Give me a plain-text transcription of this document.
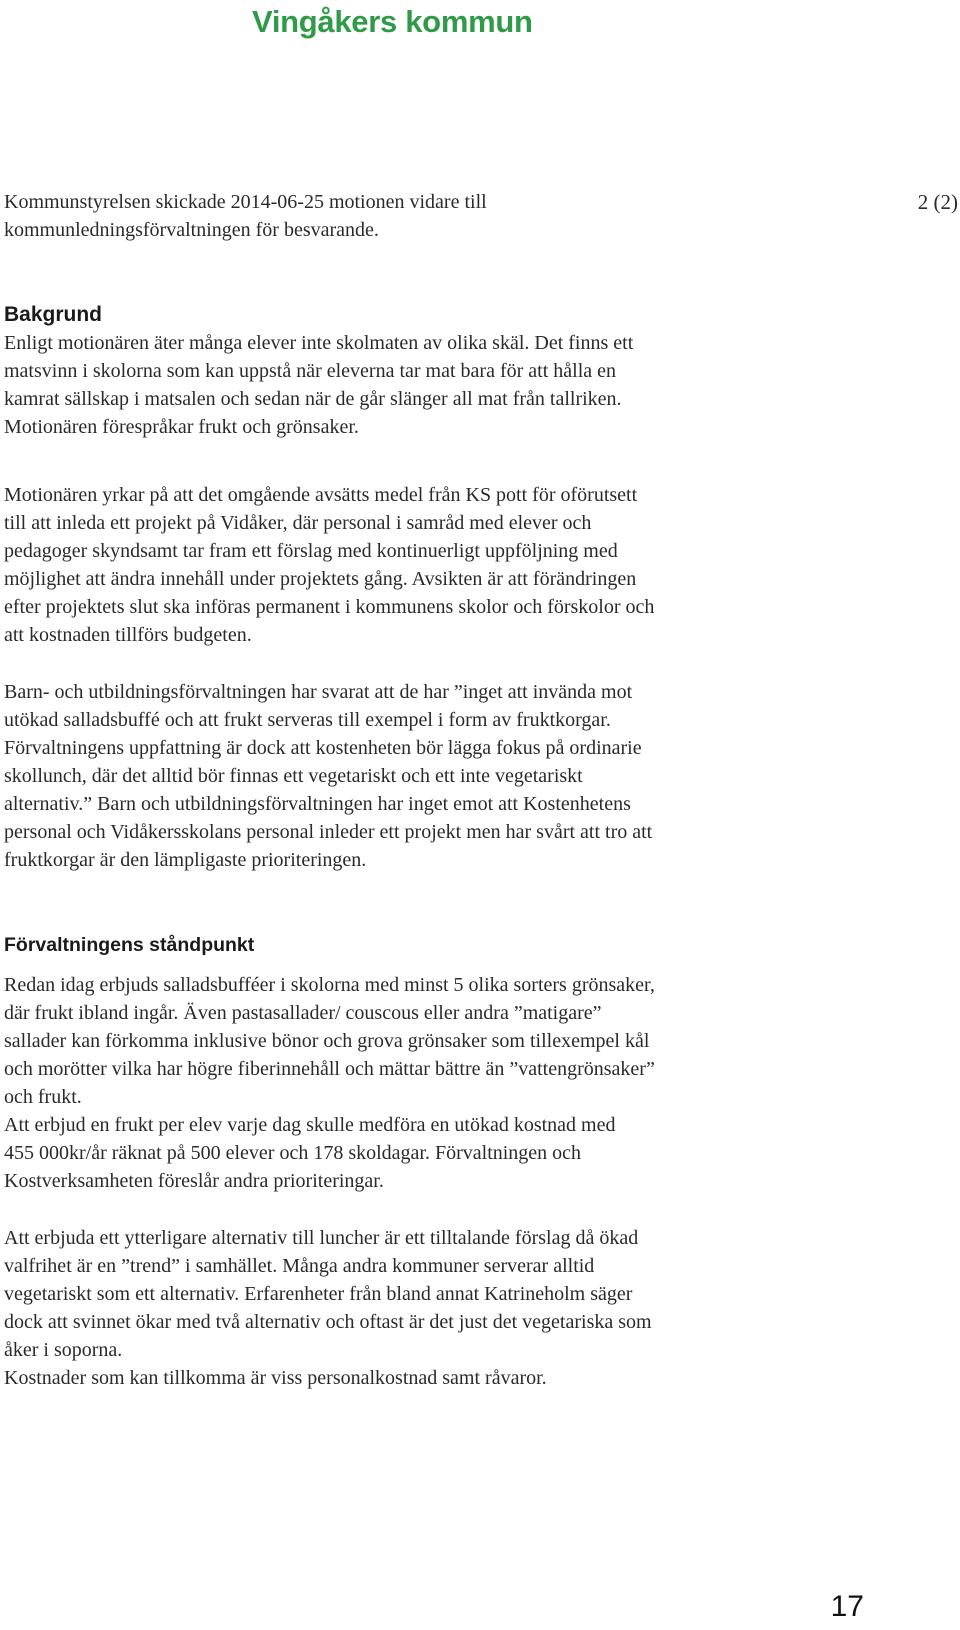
Vingåkers kommun
2 (2)

Kommunstyrelsen skickade 2014-06-25 motionen vidare till
kommunledningsförvaltningen för besvarande.

Bakgrund

Enligt motionären äter många elever inte skolmaten av olika skäl. Det finns ett
matsvinn i skolorna som kan uppstå när eleverna tar mat bara för att hålla en
kamrat sällskap i matsalen och sedan när de går slänger all mat från tallriken.
Motionären förespråkar frukt och grönsaker.

Motionären yrkar på att det omgående avsätts medel från KS pott för oförutsett
till att inleda ett projekt på Vidåker, där personal i samråd med elever och
pedagoger skyndsamt tar fram ett förslag med kontinuerligt uppföljning med
möjlighet att ändra innehåll under projektets gång. Avsikten är att förändringen
efter projektets slut ska införas permanent i kommunens skolor och förskolor och
att kostnaden tillförs budgeten.

Barn- och utbildningsförvaltningen har svarat att de har ”inget att invända mot
utökad salladsbuffé och att frukt serveras till exempel i form av fruktkorgar.
Förvaltningens uppfattning är dock att kostenheten bör lägga fokus på ordinarie
skollunch, där det alltid bör finnas ett vegetariskt och ett inte vegetariskt
alternativ.” Barn och utbildningsförvaltningen har inget emot att Kostenhetens
personal och Vidåkersskolans personal inleder ett projekt men har svårt att tro att
fruktkorgar är den lämpligaste prioriteringen.

Förvaltningens ståndpunkt

Redan idag erbjuds salladsbufféer i skolorna med minst 5 olika sorters grönsaker,
där frukt ibland ingår. Även pastasallader/ couscous eller andra ”matigare”
sallader kan förkomma inklusive bönor och grova grönsaker som tillexempel kål
och morötter vilka har högre fiberinnehåll och mättar bättre än ”vattengrönsaker”
och frukt.
Att erbjud en frukt per elev varje dag skulle medföra en utökad kostnad med
455 000kr/år räknat på 500 elever och 178 skoldagar. Förvaltningen och
Kostverksamheten föreslår andra prioriteringar.

Att erbjuda ett ytterligare alternativ till luncher är ett tilltalande förslag då ökad
valfrihet är en ”trend” i samhället. Många andra kommuner serverar alltid
vegetariskt som ett alternativ. Erfarenheter från bland annat Katrineholm säger
dock att svinnet ökar med två alternativ och oftast är det just det vegetariska som
åker i soporna.
Kostnader som kan tillkomma är viss personalkostnad samt råvaror.

17
